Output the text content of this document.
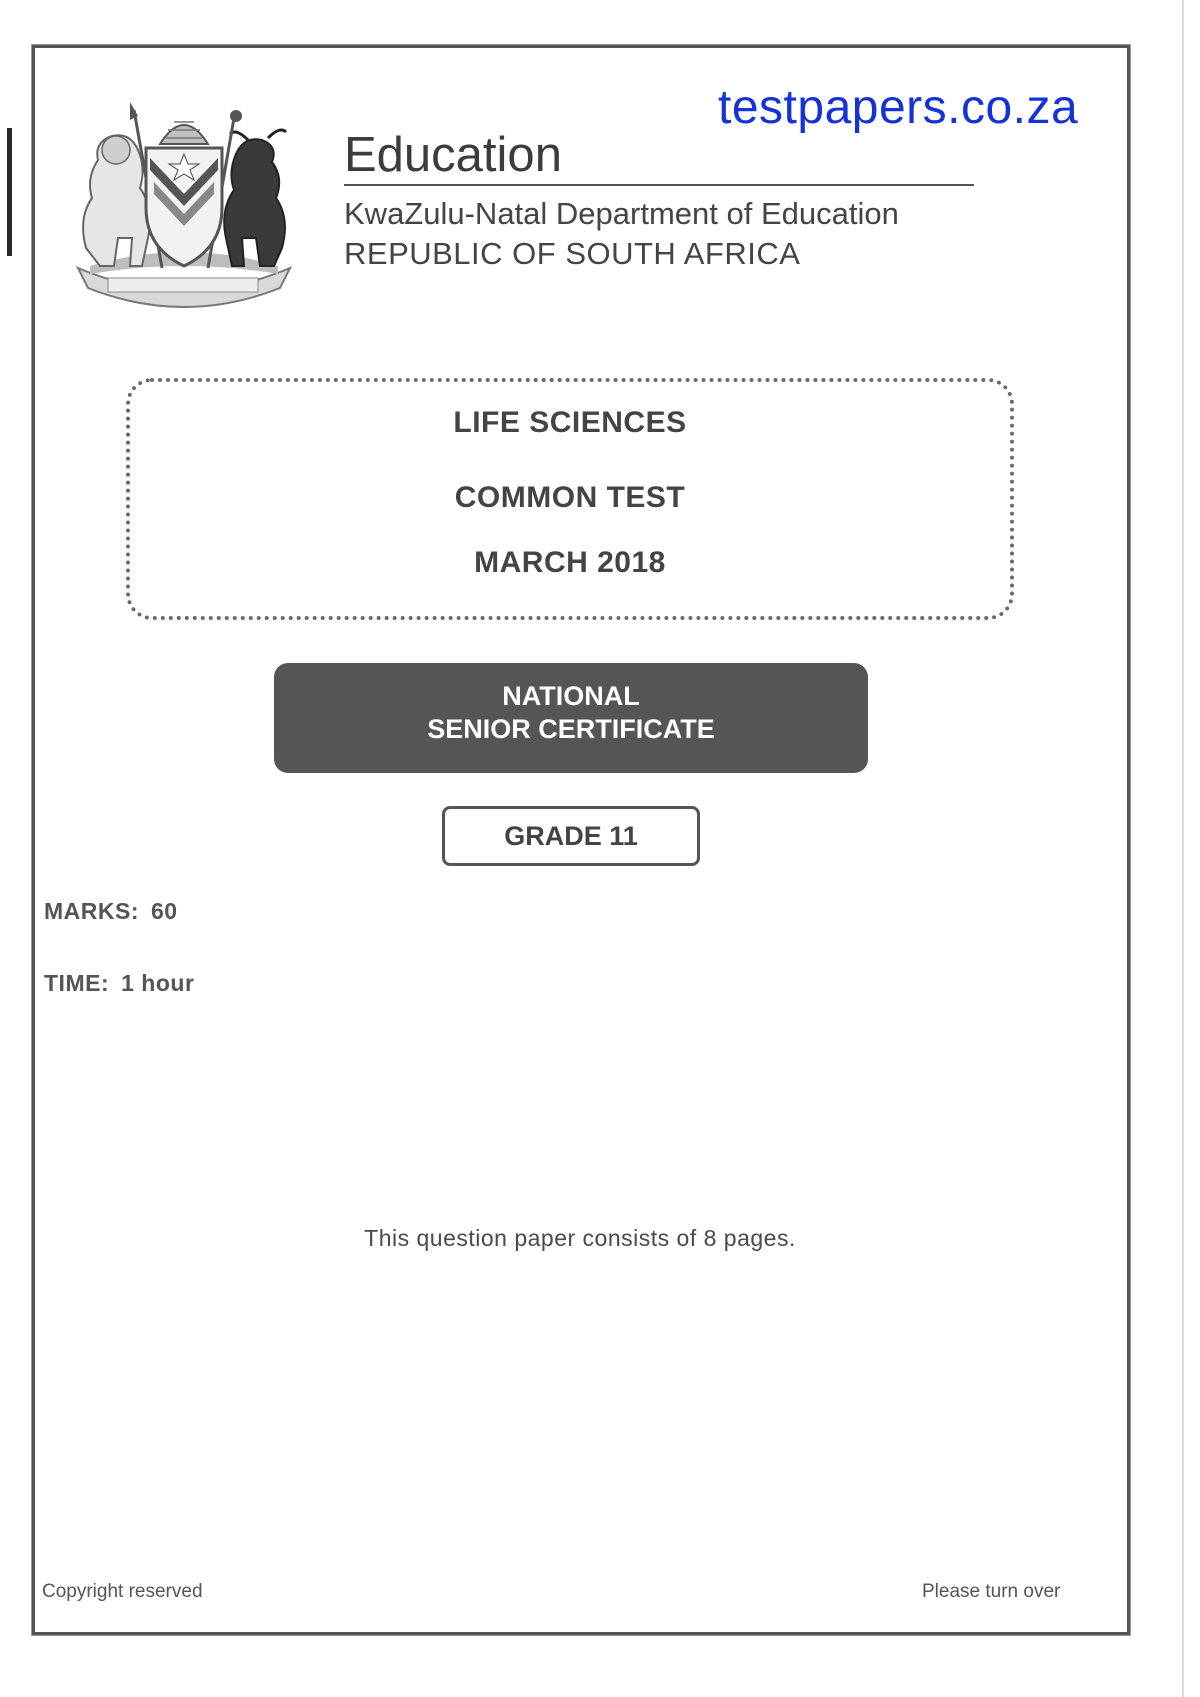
testpapers.co.za
Education
KwaZulu-Natal Department of Education
REPUBLIC OF SOUTH AFRICA
LIFE SCIENCES
COMMON TEST
MARCH 2018
NATIONAL
SENIOR CERTIFICATE
GRADE 11
MARKS: 60
TIME: 1 hour
This question paper consists of 8 pages.
Copyright reserved	Please turn over
